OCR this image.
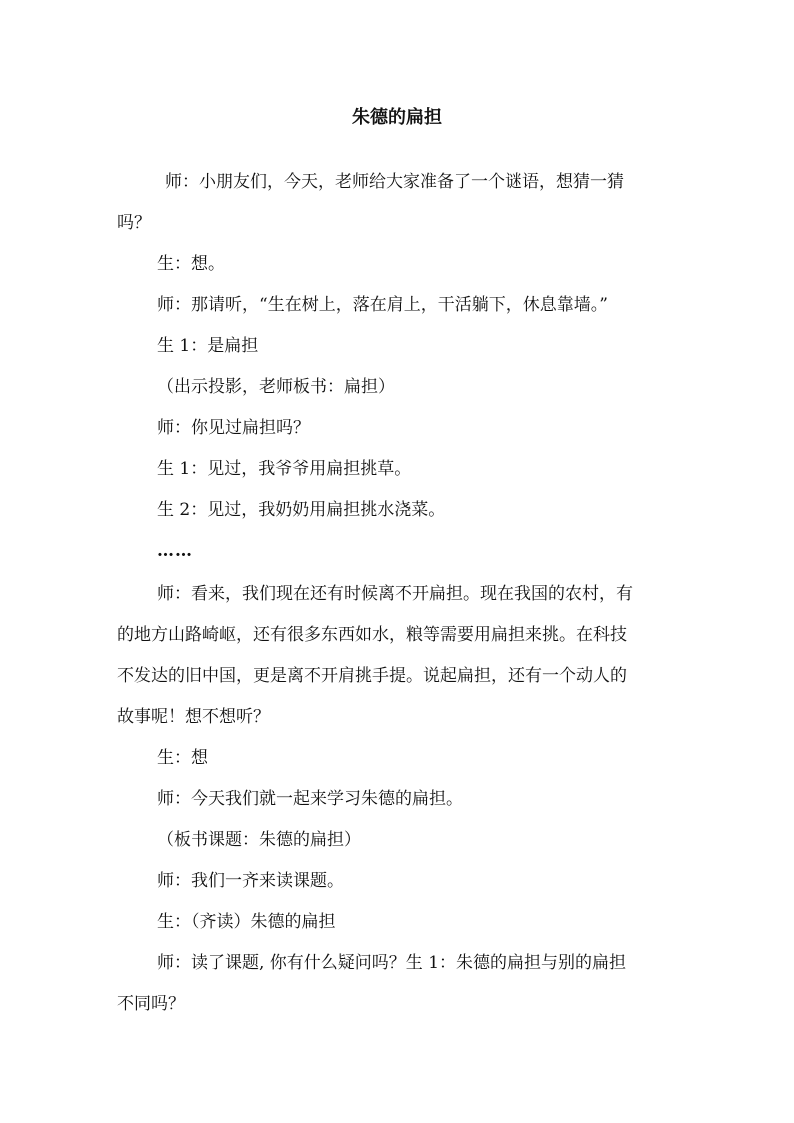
朱德的扁担
师：小朋友们，今天，老师给大家准备了一个谜语，想猜一猜
吗？
生：想。
师：那请听，“生在树上，落在肩上，干活躺下，休息靠墙。”
生 1：是扁担
（出示投影，老师板书：扁担）
师：你见过扁担吗？
生 1：见过，我爷爷用扁担挑草。
生 2：见过，我奶奶用扁担挑水浇菜。
……
师：看来，我们现在还有时候离不开扁担。现在我国的农村，有
的地方山路崎岖，还有很多东西如水，粮等需要用扁担来挑。在科技
不发达的旧中国，更是离不开肩挑手提。说起扁担，还有一个动人的
故事呢！想不想听？
生：想
师：今天我们就一起来学习朱德的扁担。
（板书课题：朱德的扁担）
师：我们一齐来读课题。
生：（齐读）朱德的扁担
师：读了课题, 你有什么疑问吗？生 1：朱德的扁担与别的扁担
不同吗？
